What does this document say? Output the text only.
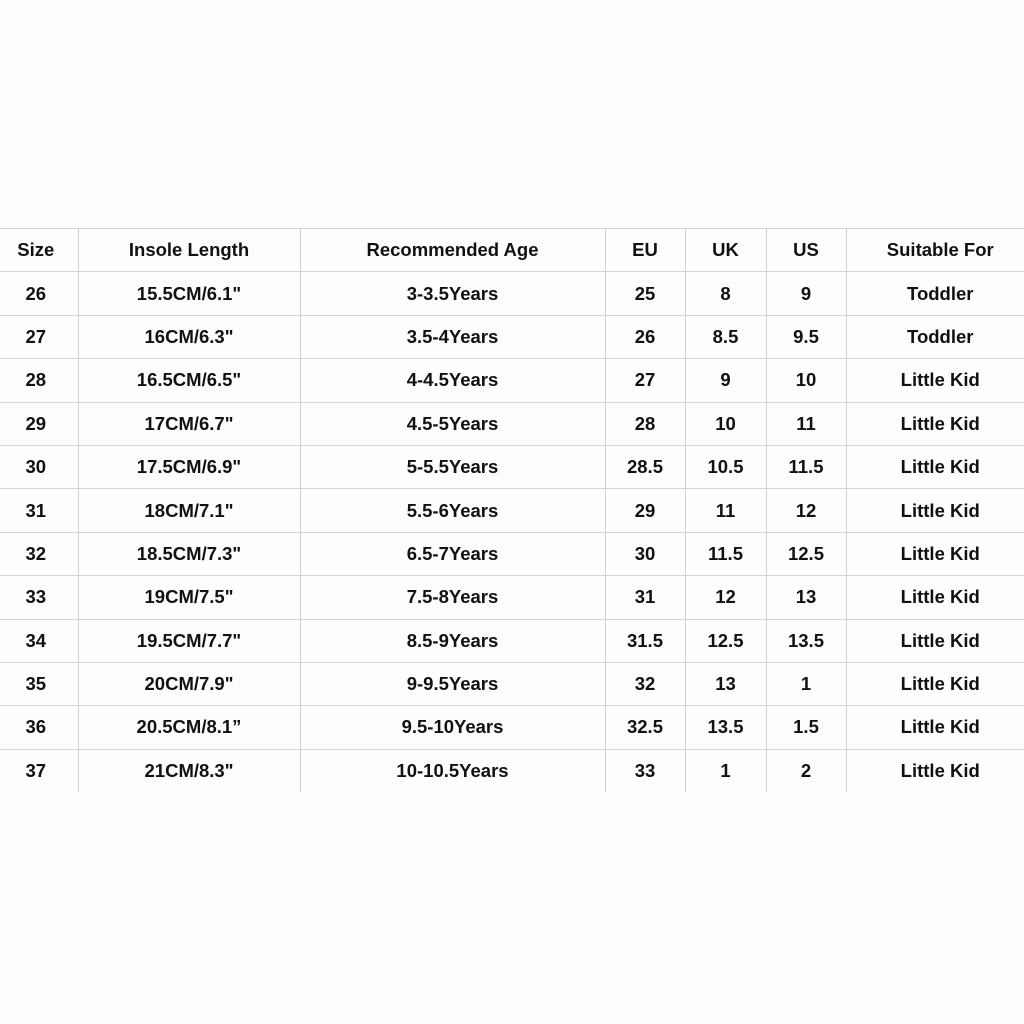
Size	Insole Length	Recommended Age	EU	UK	US	Suitable For
26	15.5CM/6.1"	3-3.5Years	25	8	9	Toddler
27	16CM/6.3"	3.5-4Years	26	8.5	9.5	Toddler
28	16.5CM/6.5"	4-4.5Years	27	9	10	Little Kid
29	17CM/6.7"	4.5-5Years	28	10	11	Little Kid
30	17.5CM/6.9"	5-5.5Years	28.5	10.5	11.5	Little Kid
31	18CM/7.1"	5.5-6Years	29	11	12	Little Kid
32	18.5CM/7.3"	6.5-7Years	30	11.5	12.5	Little Kid
33	19CM/7.5"	7.5-8Years	31	12	13	Little Kid
34	19.5CM/7.7"	8.5-9Years	31.5	12.5	13.5	Little Kid
35	20CM/7.9"	9-9.5Years	32	13	1	Little Kid
36	20.5CM/8.1”	9.5-10Years	32.5	13.5	1.5	Little Kid
37	21CM/8.3"	10-10.5Years	33	1	2	Little Kid
